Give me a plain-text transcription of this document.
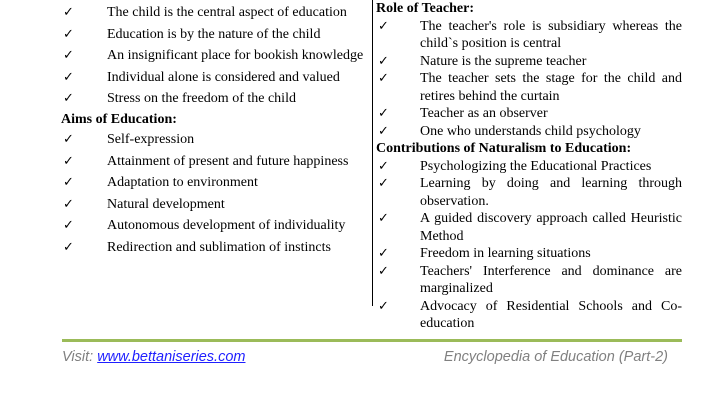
✓	The child is the central aspect of education
✓	Education is by the nature of the child
✓	An insignificant place for bookish knowledge
✓	Individual alone is considered and valued
✓	Stress on the freedom of the child
Aims of Education:
✓	Self-expression
✓	Attainment of present and future happiness
✓	Adaptation to environment
✓	Natural development
✓	Autonomous development of individuality
✓	Redirection and sublimation of instincts
Role of Teacher:
✓	The teacher's role is subsidiary whereas the child`s position is central
✓	Nature is the supreme teacher
✓	The teacher sets the stage for the child and retires behind the curtain
✓	Teacher as an observer
✓	One who understands child psychology
Contributions of Naturalism to Education:
✓	Psychologizing the Educational Practices
✓	Learning by doing and learning through observation.
✓	A guided discovery approach called Heuristic Method
✓	Freedom in learning situations
✓	Teachers' Interference and dominance are marginalized
✓	Advocacy of Residential Schools and Co-education
Visit: www.bettaniseries.com	Encyclopedia of Education (Part-2)
